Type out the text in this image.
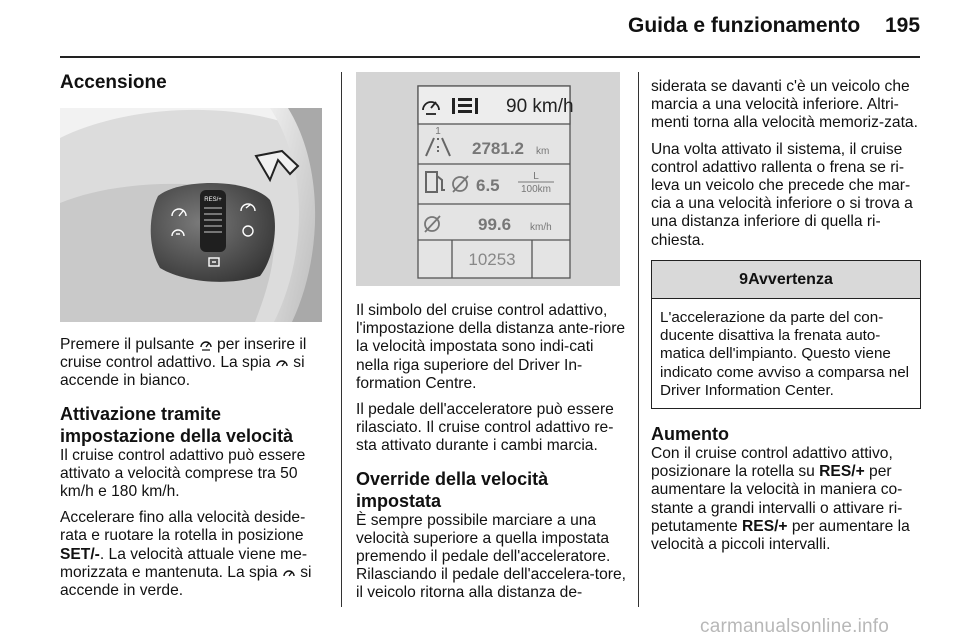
Guida e funzionamento 195
Accensione
RES/+

Premere il pulsante  per inserire il cruise control adattivo. La spia  si accende in bianco.

Attivazione tramite impostazione della velocità

Il cruise control adattivo può essere attivato a velocità comprese tra 50 km/h e 180 km/h.

Accelerare fino alla velocità deside-rata e ruotare la rotella in posizione SET/-. La velocità attuale viene me-morizzata e mantenuta. La spia  si accende in verde.

90 km/h
1
2781.2 km
6.5	L
100km
99.6 km/h
10253

Il simbolo del cruise control adattivo, l'impostazione della distanza ante-riore la velocità impostata sono indi-cati nella riga superiore del Driver In-formation Centre.

Il pedale dell'acceleratore può essere rilasciato. Il cruise control adattivo re-sta attivato durante i cambi marcia.

Override della velocità impostata

È sempre possibile marciare a una velocità superiore a quella impostata premendo il pedale dell'acceleratore. Rilasciando il pedale dell'accelera-tore, il veicolo ritorna alla distanza de-

siderata se davanti c'è un veicolo che marcia a una velocità inferiore. Altri-menti torna alla velocità memoriz-zata.

Una volta attivato il sistema, il cruise control adattivo rallenta o frena se ri-leva un veicolo che precede che mar-cia a una velocità inferiore o si trova a una distanza inferiore di quella ri-chiesta.

9Avvertenza
L'accelerazione da parte del con-ducente disattiva la frenata auto-matica dell'impianto. Questo viene indicato come avviso a comparsa nel Driver Information Center.
Aumento

Con il cruise control adattivo attivo, posizionare la rotella su RES/+ per aumentare la velocità in maniera co-stante a grandi intervalli o attivare ri-petutamente RES/+ per aumentare la velocità a piccoli intervalli.

carmanualsonline.info
